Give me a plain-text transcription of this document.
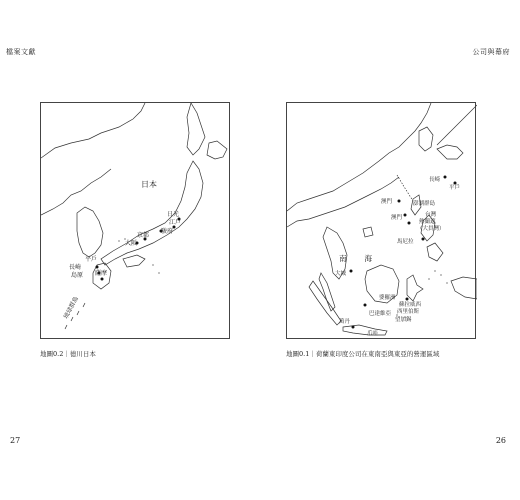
檔案文獻	公司與幕府
日本
日光
江戶
駿府
京都
大阪
平戶
長崎
島原 薩摩
琉球群島
地圖0.2｜德川日本
南海
長崎
平戶
澳門	澎湖群島
台灣
熱蘭遮
（大員灣）
澳門
馬尼拉
大城
婆羅洲
蘇拉威西
西里伯斯
巴達維亞
望加錫
萬丹
爪哇
地圖0.1｜荷蘭東印度公司在東南亞與東亞的營運區域
27	26
